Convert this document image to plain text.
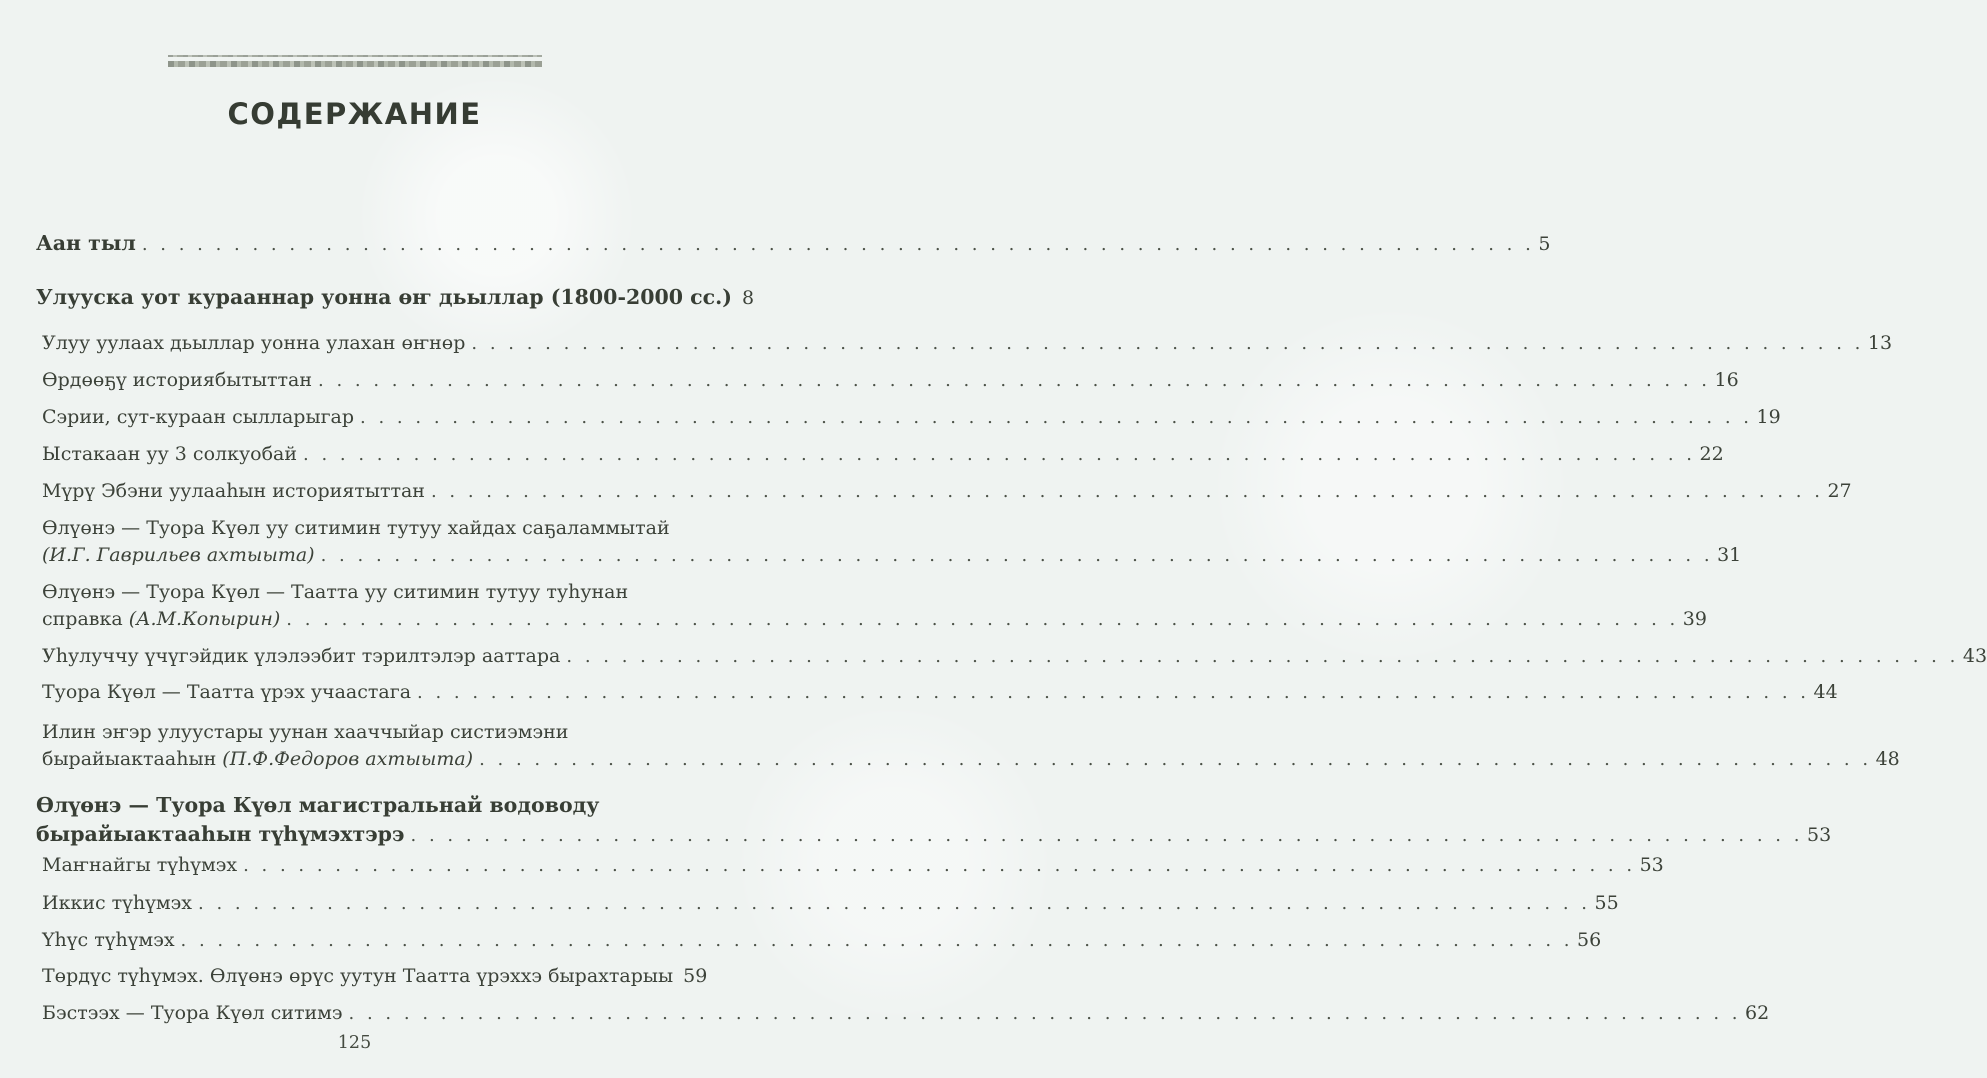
СОДЕРЖАНИЕ
Аан тыл . . .	5
Улууска уот курааннар уонна өҥ дьыллар (1800-2000 сс.) 8
Улуу уулаах дьыллар уонна улахан өҥнөр . . .	13
Өрдөөҕү историябытыттан . . .	16
Сэрии, сут-кураан сылларыгар . . .	19
Ыстакаан уу 3 солкуобай . . .	22
Мүрү Эбэни уулааһын историятыттан . . .	27
Өлүөнэ — Туора Күөл уу ситимин тутуу хайдах саҕаламмытай
(И.Г. Гаврильев ахтыыта) . . .	31
Өлүөнэ — Туора Күөл — Таатта уу ситимин тутуу туһунан
справка (А.М.Копырин) . . .	39
Уһулуччу үчүгэйдик үлэлээбит тэрилтэлэр ааттара . . .	43
Туора Күөл — Таатта үрэх учаастага . . .	44
Илин эҥэр улуустары уунан хааччыйар систиэмэни
бырайыактааһын (П.Ф.Федоров ахтыыта) . . .	48
Өлүөнэ — Туора Күөл магистральнай водоводу
бырайыактааһын түһүмэхтэрэ . . .	53
Маҥнайгы түһүмэх . . .	53
Иккис түһүмэх . . .	55
Үһүс түһүмэх . . .	56
Төрдүс түһүмэх. Өлүөнэ өрүс уутун Таатта үрэххэ бырахтарыы 59
Бэстээх — Туора Күөл ситимэ . . .	62
125
